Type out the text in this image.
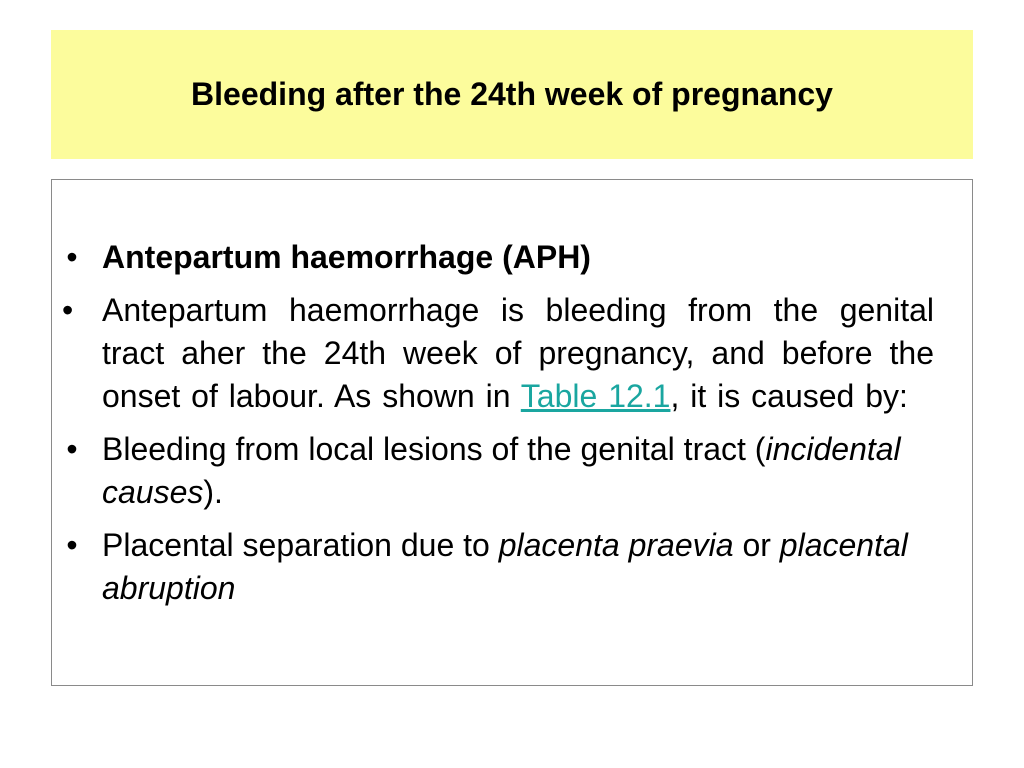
Bleeding after the 24th week of pregnancy
• Antepartum haemorrhage (APH)
• Antepartum haemorrhage is bleeding from the genital tract aher the 24th week of pregnancy, and before the onset of labour. As shown in Table 12.1, it is caused by:
• Bleeding from local lesions of the genital tract (incidental causes).
• Placental separation due to placenta praevia or placental abruption
